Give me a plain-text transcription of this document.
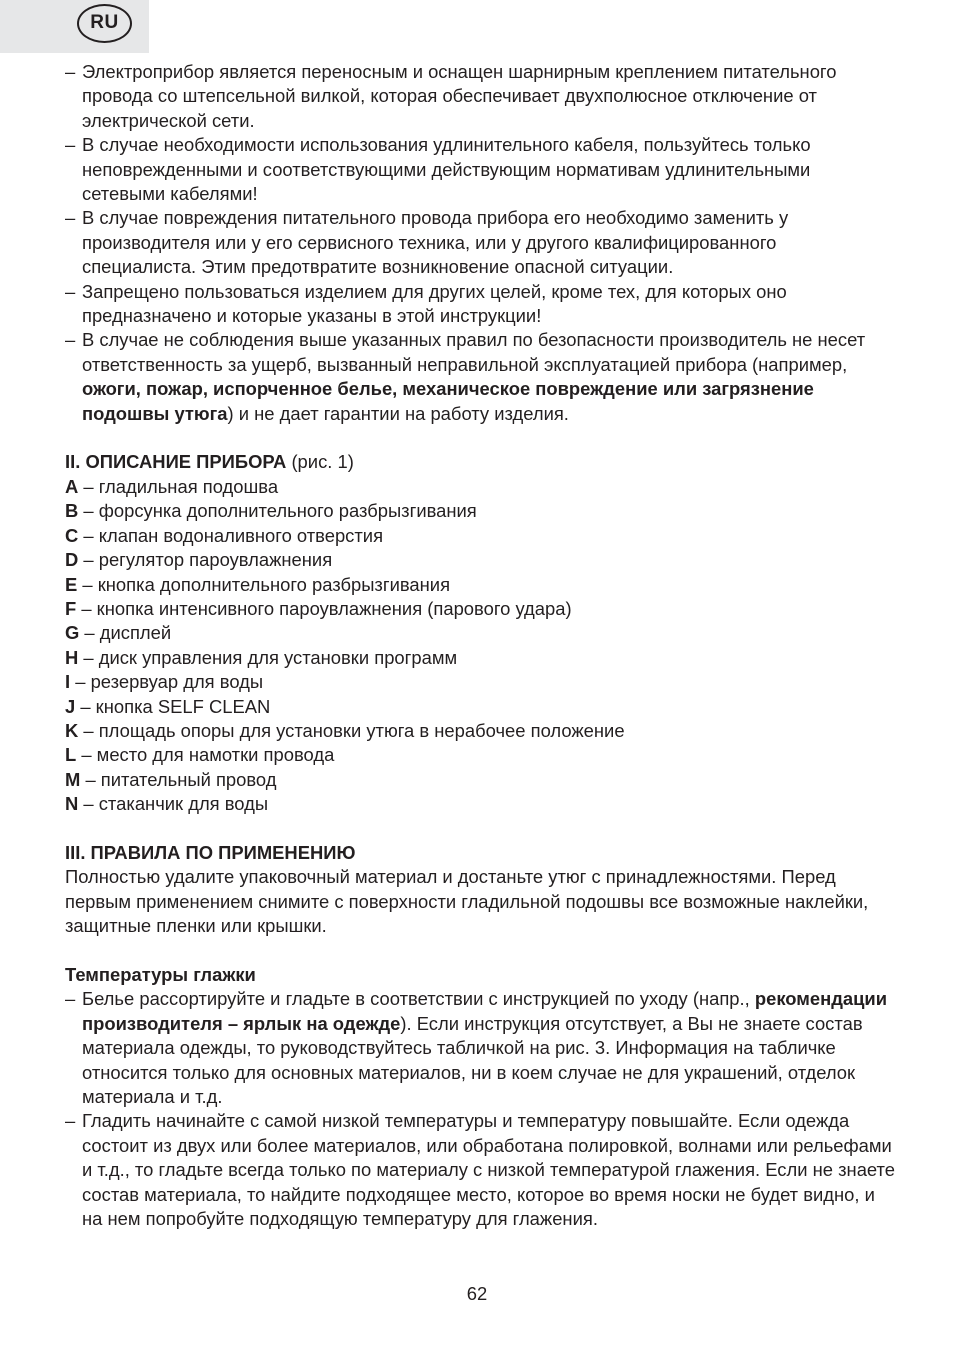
RU
– Электроприбор является переносным и оснащен шарнирным креплением питательного провода со штепсельной вилкой, которая обеспечивает двухполюсное отключение от электрической сети.
– В случае необходимости использования удлинительного кабеля, пользуйтесь только неповрежденными и соответствующими действующим нормативам удлинительными сетевыми кабелями!
– В случае повреждения питательного провода прибора его необходимо заменить у производителя или у его сервисного техника, или у другого квалифицированного специалиста. Этим предотвратите возникновение опасной ситуации.
– Запрещено пользоваться изделием для других целей, кроме тех, для которых оно предназначено и которые указаны в этой инструкции!
– В случае не соблюдения выше указанных правил по безопасности производитель не несет ответственность за ущерб, вызванный неправильной эксплуатацией прибора (например, ожоги, пожар, испорченное белье, механическое повреждение или загрязнение подошвы утюга) и не дает гарантии на работу изделия.
II. ОПИСАНИЕ ПРИБОРА (рис. 1)
A – гладильная подошва
B – форсунка дополнительного разбрызгивания
C – клапан водоналивного отверстия
D – регулятор пароувлажнения
E – кнопка дополнительного разбрызгивания
F – кнопка интенсивного пароувлажнения (парового удара)
G – дисплей
H – диск управления для установки программ
I – резервуар для воды
J – кнопка SELF CLEAN
K – площадь опоры для установки утюга в нерабочее положение
L – место для намотки провода
M – питательный провод
N – стаканчик для воды
III. ПРАВИЛА ПО ПРИМЕНЕНИЮ
Полностью удалите упаковочный материал и достаньте утюг с принадлежностями. Перед первым применением снимите с поверхности гладильной подошвы все возможные наклейки, защитные пленки или крышки.
Температуры глажки
– Белье рассортируйте и гладьте в соответствии с инструкцией по уходу (напр., рекомендации производителя – ярлык на одежде). Если инструкция отсутствует, а Вы не знаете состав материала одежды, то руководствуйтесь табличкой на рис. 3. Информация на табличке относится только для основных материалов, ни в коем случае не для украшений, отделок материала и т.д.
– Гладить начинайте с самой низкой температуры и температуру повышайте. Если одежда состоит из двух или более материалов, или обработана полировкой, волнами или рельефами и т.д., то гладьте всегда только по материалу с низкой температурой глажения. Если не знаете состав материала, то найдите подходящее место, которое во время носки не будет видно, и на нем попробуйте подходящую температуру для глажения.
62
